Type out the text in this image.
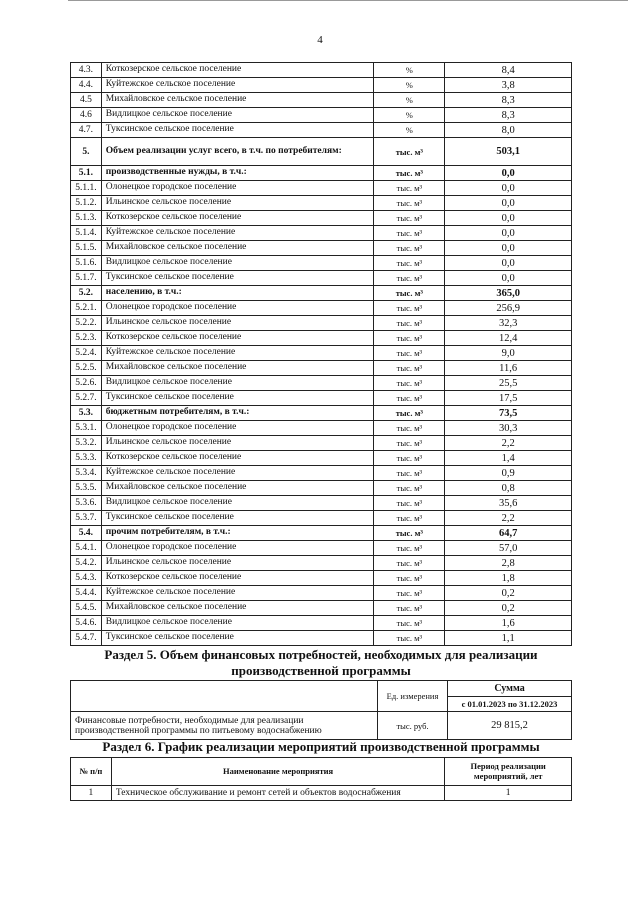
4
4.3.	Коткозерское сельское поселение	%	8,4
4.4.	Куйтежское сельское поселение	%	3,8
4.5	Михайловское сельское поселение	%	8,3
4.6	Видлицкое сельское поселение	%	8,3
4.7.	Туксинское сельское поселение	%	8,0
5.	Объем реализации услуг всего, в т.ч. по потребителям:	тыс. м³	503,1
5.1.	производственные нужды, в т.ч.:	тыс. м³	0,0
5.1.1.	Олонецкое городское поселение	тыс. м³	0,0
5.1.2.	Ильинское сельское поселение	тыс. м³	0,0
5.1.3.	Коткозерское сельское поселение	тыс. м³	0,0
5.1.4.	Куйтежское сельское поселение	тыс. м³	0,0
5.1.5.	Михайловское сельское поселение	тыс. м³	0,0
5.1.6.	Видлицкое сельское поселение	тыс. м³	0,0
5.1.7.	Туксинское сельское поселение	тыс. м³	0,0
5.2.	населению, в т.ч.:	тыс. м³	365,0
5.2.1.	Олонецкое городское поселение	тыс. м³	256,9
5.2.2.	Ильинское сельское поселение	тыс. м³	32,3
5.2.3.	Коткозерское сельское поселение	тыс. м³	12,4
5.2.4.	Куйтежское сельское поселение	тыс. м³	9,0
5.2.5.	Михайловское сельское поселение	тыс. м³	11,6
5.2.6.	Видлицкое сельское поселение	тыс. м³	25,5
5.2.7.	Туксинское сельское поселение	тыс. м³	17,5
5.3.	бюджетным потребителям, в т.ч.:	тыс. м³	73,5
5.3.1.	Олонецкое городское поселение	тыс. м³	30,3
5.3.2.	Ильинское сельское поселение	тыс. м³	2,2
5.3.3.	Коткозерское сельское поселение	тыс. м³	1,4
5.3.4.	Куйтежское сельское поселение	тыс. м³	0,9
5.3.5.	Михайловское сельское поселение	тыс. м³	0,8
5.3.6.	Видлицкое сельское поселение	тыс. м³	35,6
5.3.7.	Туксинское сельское поселение	тыс. м³	2,2
5.4.	прочим потребителям, в т.ч.:	тыс. м³	64,7
5.4.1.	Олонецкое городское поселение	тыс. м³	57,0
5.4.2.	Ильинское сельское поселение	тыс. м³	2,8
5.4.3.	Коткозерское сельское поселение	тыс. м³	1,8
5.4.4.	Куйтежское сельское поселение	тыс. м³	0,2
5.4.5.	Михайловское сельское поселение	тыс. м³	0,2
5.4.6.	Видлицкое сельское поселение	тыс. м³	1,6
5.4.7.	Туксинское сельское поселение	тыс. м³	1,1
Раздел 5. Объем финансовых потребностей, необходимых для реализации
производственной программы
	Ед. измерения	Сумма
		с 01.01.2023 по 31.12.2023
Финансовые потребности, необходимые для реализации производственной программы по питьевому водоснабжению	тыс. руб.	29 815,2
Раздел 6. График реализации мероприятий производственной программы
№ п/п	Наименование мероприятия	Период реализации мероприятий, лет
1	Техническое обслуживание и ремонт сетей и объектов водоснабжения	1
